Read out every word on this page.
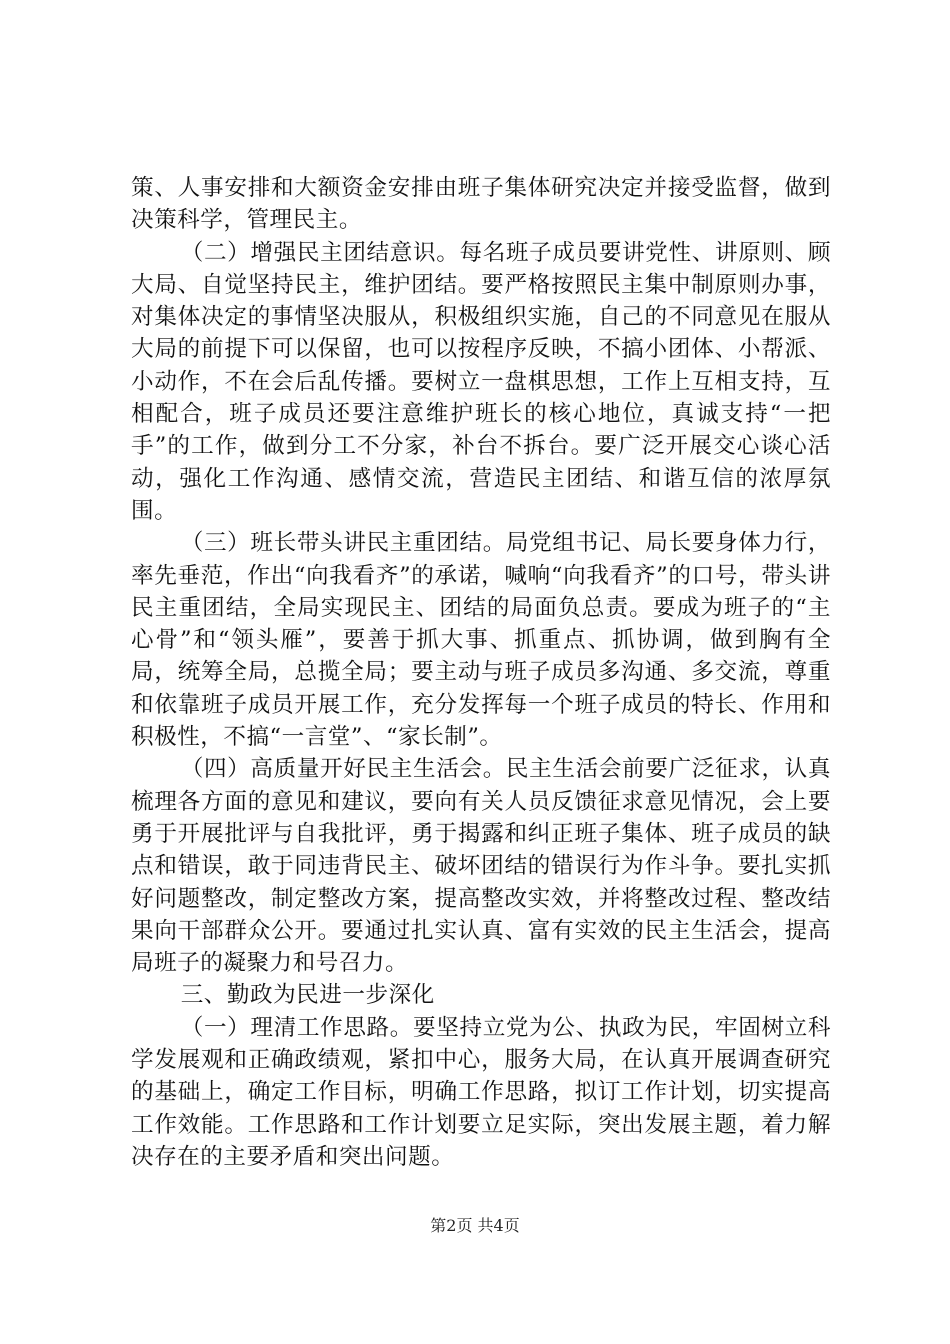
策、人事安排和大额资金安排由班子集体研究决定并接受监督，做到决策科学，管理民主。

（二）增强民主团结意识。每名班子成员要讲党性、讲原则、顾大局、自觉坚持民主，维护团结。要严格按照民主集中制原则办事，对集体决定的事情坚决服从，积极组织实施，自己的不同意见在服从大局的前提下可以保留，也可以按程序反映，不搞小团体、小帮派、小动作，不在会后乱传播。要树立一盘棋思想，工作上互相支持，互相配合，班子成员还要注意维护班长的核心地位，真诚支持“一把手”的工作，做到分工不分家，补台不拆台。要广泛开展交心谈心活动，强化工作沟通、感情交流，营造民主团结、和谐互信的浓厚氛围。

（三）班长带头讲民主重团结。局党组书记、局长要身体力行，率先垂范，作出“向我看齐”的承诺，喊响“向我看齐”的口号，带头讲民主重团结，全局实现民主、团结的局面负总责。要成为班子的“主心骨”和“领头雁”，要善于抓大事、抓重点、抓协调，做到胸有全局，统筹全局，总揽全局；要主动与班子成员多沟通、多交流，尊重和依靠班子成员开展工作，充分发挥每一个班子成员的特长、作用和积极性，不搞“一言堂”、“家长制”。

（四）高质量开好民主生活会。民主生活会前要广泛征求，认真梳理各方面的意见和建议，要向有关人员反馈征求意见情况，会上要勇于开展批评与自我批评，勇于揭露和纠正班子集体、班子成员的缺点和错误，敢于同违背民主、破坏团结的错误行为作斗争。要扎实抓好问题整改，制定整改方案，提高整改实效，并将整改过程、整改结果向干部群众公开。要通过扎实认真、富有实效的民主生活会，提高局班子的凝聚力和号召力。

三、勤政为民进一步深化

（一）理清工作思路。要坚持立党为公、执政为民，牢固树立科学发展观和正确政绩观，紧扣中心，服务大局，在认真开展调查研究的基础上，确定工作目标，明确工作思路，拟订工作计划，切实提高工作效能。工作思路和工作计划要立足实际，突出发展主题，着力解决存在的主要矛盾和突出问题。

第2页 共4页
